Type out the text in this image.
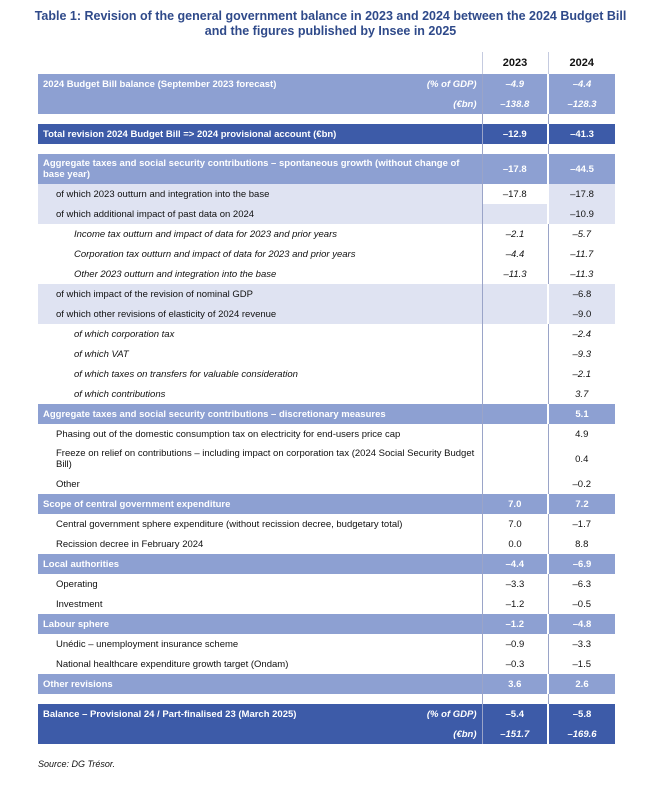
Table 1: Revision of the general government balance in 2023 and 2024 between the 2024 Budget Bill
and the figures published by Insee in 2025
	2023	2024
2024 Budget Bill balance (September 2023 forecast) (% of GDP)	–4.9	–4.4

(€bn)	–138.8	–128.3

Total revision 2024 Budget Bill => 2024 provisional account (€bn)	–12.9	–41.3

Aggregate taxes and social security contributions – spontaneous growth (without change of base year)	–17.8	–44.5
of which 2023 outturn and integration into the base	–17.8	–17.8
of which additional impact of past data on 2024		–10.9
Income tax outturn and impact of data for 2023 and prior years	–2.1	–5.7
Corporation tax outturn and impact of data for 2023 and prior years	–4.4	–11.7
Other 2023 outturn and integration into the base	–11.3	–11.3
of which impact of the revision of nominal GDP		–6.8
of which other revisions of elasticity of 2024 revenue		–9.0
of which corporation tax		–2.4
of which VAT		–9.3
of which taxes on transfers for valuable consideration		–2.1
of which contributions		3.7
Aggregate taxes and social security contributions – discretionary measures		5.1
Phasing out of the domestic consumption tax on electricity for end-users price cap		4.9
Freeze on relief on contributions – including impact on corporation tax (2024 Social Security Budget Bill)		0.4
Other		–0.2
Scope of central government expenditure	7.0	7.2
Central government sphere expenditure (without recission decree, budgetary total)	7.0	–1.7
Recission decree in February 2024	0.0	8.8
Local authorities	–4.4	–6.9
Operating	–3.3	–6.3
Investment	–1.2	–0.5
Labour sphere	–1.2	–4.8
Unédic – unemployment insurance scheme	–0.9	–3.3
National healthcare expenditure growth target (Ondam)	–0.3	–1.5
Other revisions	3.6	2.6

Balance – Provisional 24 / Part-finalised 23 (March 2025) (% of GDP)	–5.4	–5.8

(€bn)	–151.7	–169.6
Source: DG Trésor.
